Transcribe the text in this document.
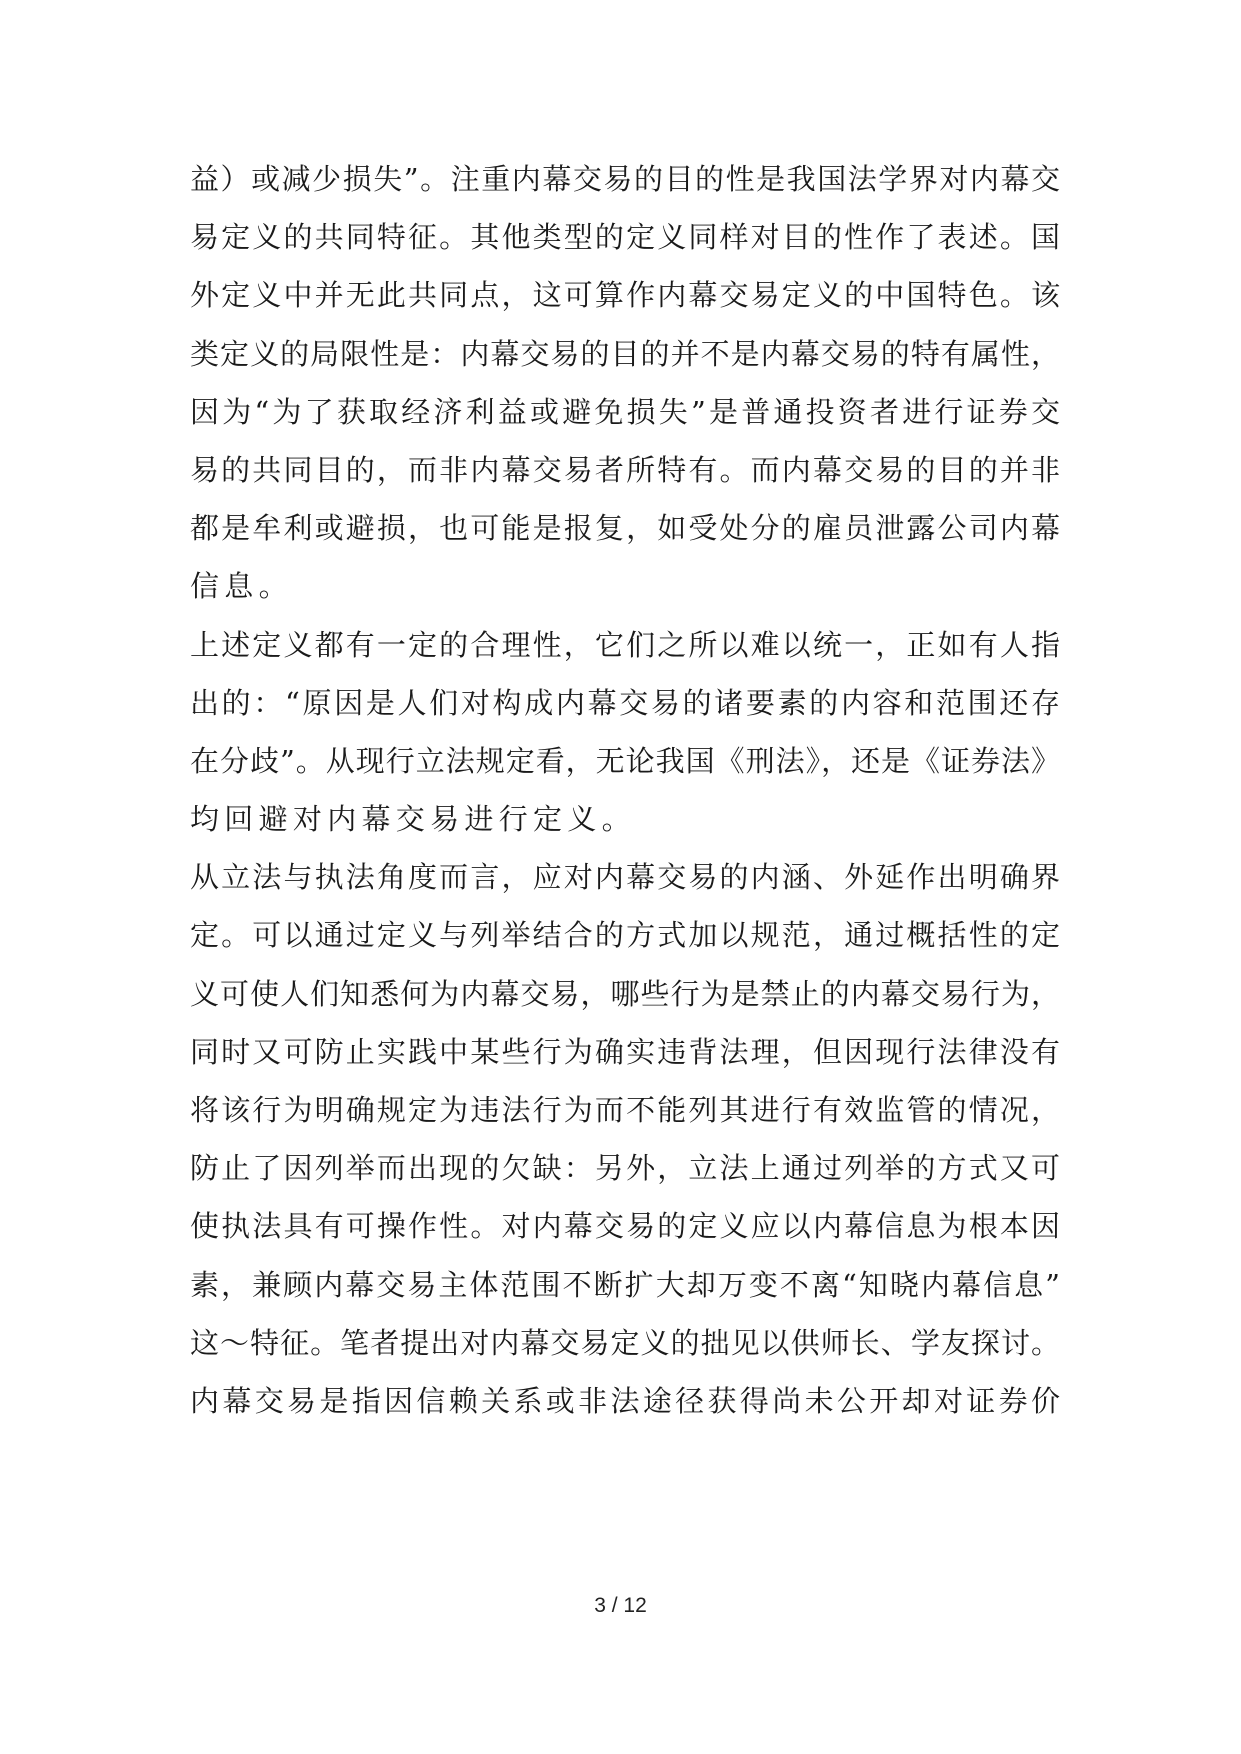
益）或减少损失”。注重内幕交易的目的性是我国法学界对内幕交
易定义的共同特征。其他类型的定义同样对目的性作了表述。国
外定义中并无此共同点，这可算作内幕交易定义的中国特色。该
类定义的局限性是：内幕交易的目的并不是内幕交易的特有属性，
因为“为了获取经济利益或避免损失”是普通投资者进行证券交
易的共同目的，而非内幕交易者所特有。而内幕交易的目的并非
都是牟利或避损，也可能是报复，如受处分的雇员泄露公司内幕
信息。
上述定义都有一定的合理性，它们之所以难以统一，正如有人指
出的：“原因是人们对构成内幕交易的诸要素的内容和范围还存
在分歧”。从现行立法规定看，无论我国《刑法》，还是《证券法》
均回避对内幕交易进行定义。
从立法与执法角度而言，应对内幕交易的内涵、外延作出明确界
定。可以通过定义与列举结合的方式加以规范，通过概括性的定
义可使人们知悉何为内幕交易，哪些行为是禁止的内幕交易行为，
同时又可防止实践中某些行为确实违背法理，但因现行法律没有
将该行为明确规定为违法行为而不能列其进行有效监管的情况，
防止了因列举而出现的欠缺：另外，立法上通过列举的方式又可
使执法具有可操作性。对内幕交易的定义应以内幕信息为根本因
素，兼顾内幕交易主体范围不断扩大却万变不离“知晓内幕信息”
这～特征。笔者提出对内幕交易定义的拙见以供师长、学友探讨。
内幕交易是指因信赖关系或非法途径获得尚未公开却对证券价
3 / 12
